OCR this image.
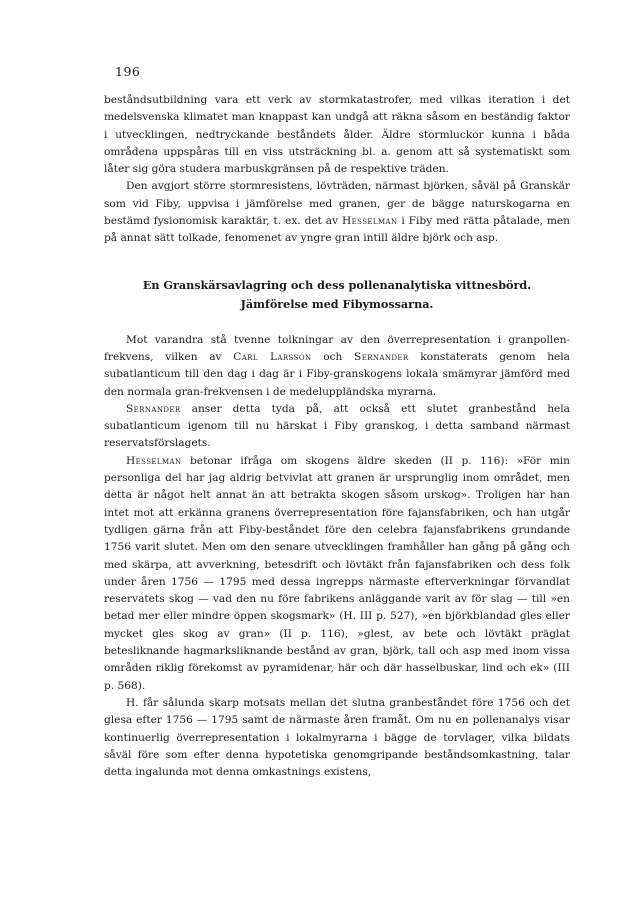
196

beståndsutbildning vara ett verk av stormkatastrofer, med vilkas iteration i det medelsvenska klimatet man knappast kan undgå att räkna såsom en beständig faktor i utvecklingen, nedtryckande beståndets ålder. Äldre stormluckor kunna i båda områdena uppspåras till en viss utsträckning bl. a. genom att så systematiskt som låter sig göra studera marbuskgränsen på de respektive träden.

Den avgjort större stormresistens, lövträden, närmast björken, såväl på Granskär som vid Fiby, uppvisa i jämförelse med granen, ger de bägge naturskogarna en bestämd fysionomisk karaktär, t. ex. det av Hesselman i Fiby med rätta påtalade, men på annat sätt tolkade, fenomenet av yngre gran intill äldre björk och asp.

En Granskärsavlagring och dess pollenanalytiska vittnesbörd.
Jämförelse med Fibymossarna.

Mot varandra stå tvenne tolkningar av den överrepresentation i granpollen-frekvens, vilken av Carl Larsson och Sernander konstaterats genom hela subatlanticum till den dag i dag är i Fiby-granskogens lokala smämyrar jämförd med den normala gran-frekvensen i de medeluppländska myrarna.

Sernander anser detta tyda på, att också ett slutet granbestånd hela subatlanticum igenom till nu härskat i Fiby granskog, i detta samband närmast reservatsförslagets.

Hesselman betonar ifråga om skogens äldre skeden (II p. 116): »För min personliga del har jag aldrig betvivlat att granen är ursprunglig inom området, men detta är något helt annat än att betrakta skogen såsom urskog». Troligen har han intet mot att erkänna granens överrepresentation före fajansfabriken, och han utgår tydligen gärna från att Fiby-beståndet före den celebra fajansfabrikens grundande 1756 varit slutet. Men om den senare utvecklingen framhåller han gång på gång och med skärpa, att avverkning, betesdrift och lövtäkt från fajansfabriken och dess folk under åren 1756 — 1795 med dessa ingrepps närmaste efterverkningar förvandlat reservatets skog — vad den nu före fabrikens anläggande varit av för slag — till »en betad mer eller mindre öppen skogsmark» (H. III p. 527), »en björkblandad gles eller mycket gles skog av gran» (II p. 116), »glest, av bete och lövtäkt präglat betesliknande hagmarksliknande bestånd av gran, björk, tall och asp med inom vissa områden riklig förekomst av pyramidenar, här och där hasselbuskar, lind och ek» (III p. 568).

H. får sålunda skarp motsats mellan det slutna granbeståndet före 1756 och det glesa efter 1756 — 1795 samt de närmaste åren framåt. Om nu en pollenanalys visar kontinuerlig överrepresentation i lokalmyrarna i bägge de torvlager, vilka bildats såväl före som efter denna hypotetiska genomgripande beståndsomkastning, talar detta ingalunda mot denna omkastnings existens,
